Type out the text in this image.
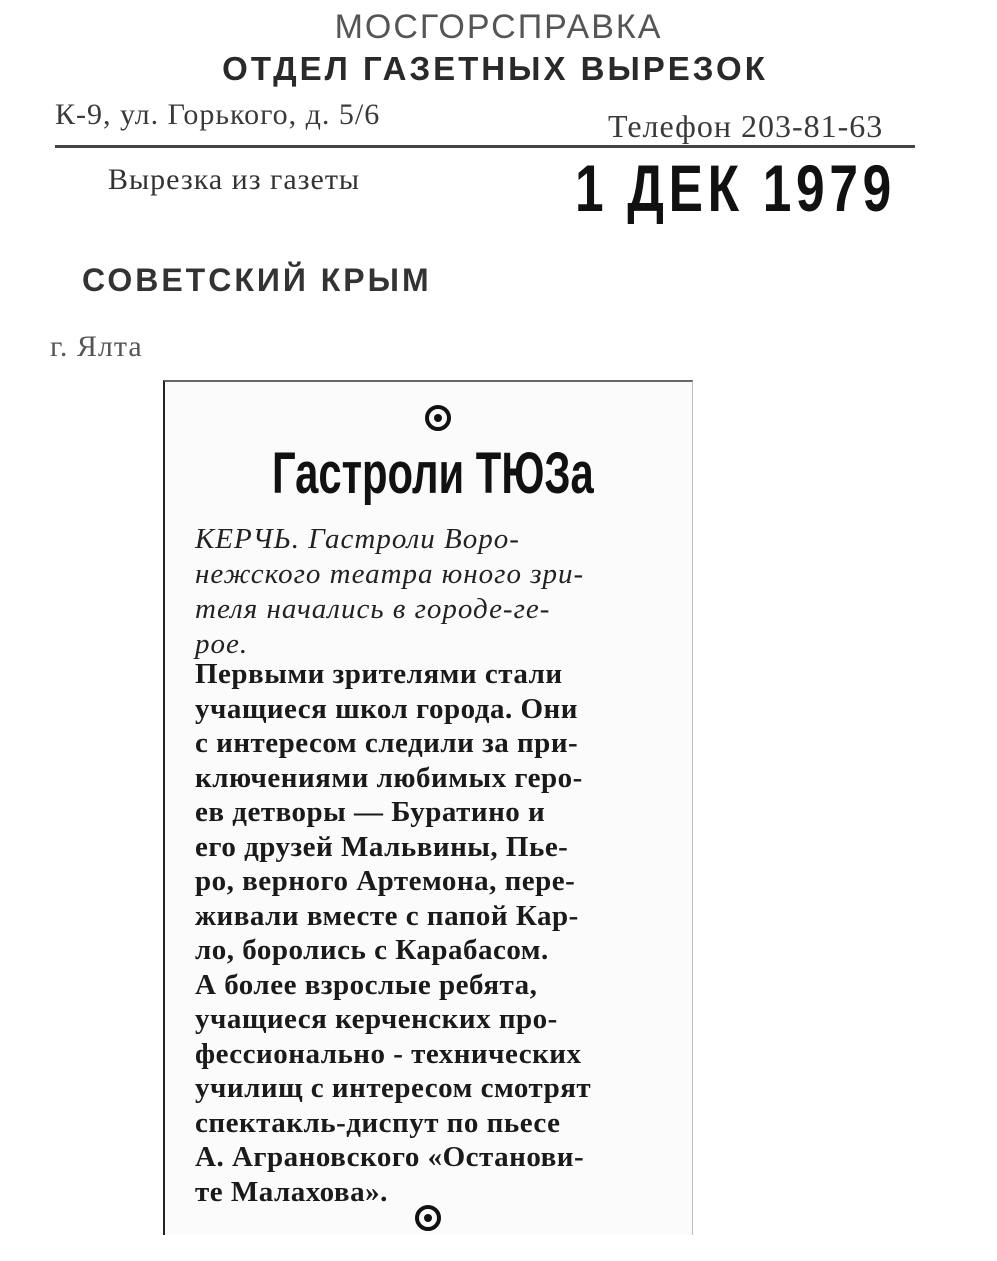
МОСГОРСПРАВКА
ОТДЕЛ ГАЗЕТНЫХ ВЫРЕЗОК
К-9, ул. Горького, д. 5/6	Телефон 203-81-63
Вырезка из газеты	1 ДЕК 1979
СОВЕТСКИЙ КРЫМ
г. Ялта
Гастроли ТЮЗа
КЕРЧЬ. Гастроли Воро-
нежского театра юного зри-
теля начались в городе-ге-
рое.
Первыми зрителями стали
учащиеся школ города. Они
с интересом следили за при-
ключениями любимых геро-
ев детворы — Буратино и
его друзей Мальвины, Пье-
ро, верного Артемона, пере-
живали вместе с папой Кар-
ло, боролись с Карабасом.
А более взрослые ребята,
учащиеся керченских про-
фессионально - технических
училищ с интересом смотрят
спектакль-диспут по пьесе
А. Аграновского «Останови-
те Малахова».
